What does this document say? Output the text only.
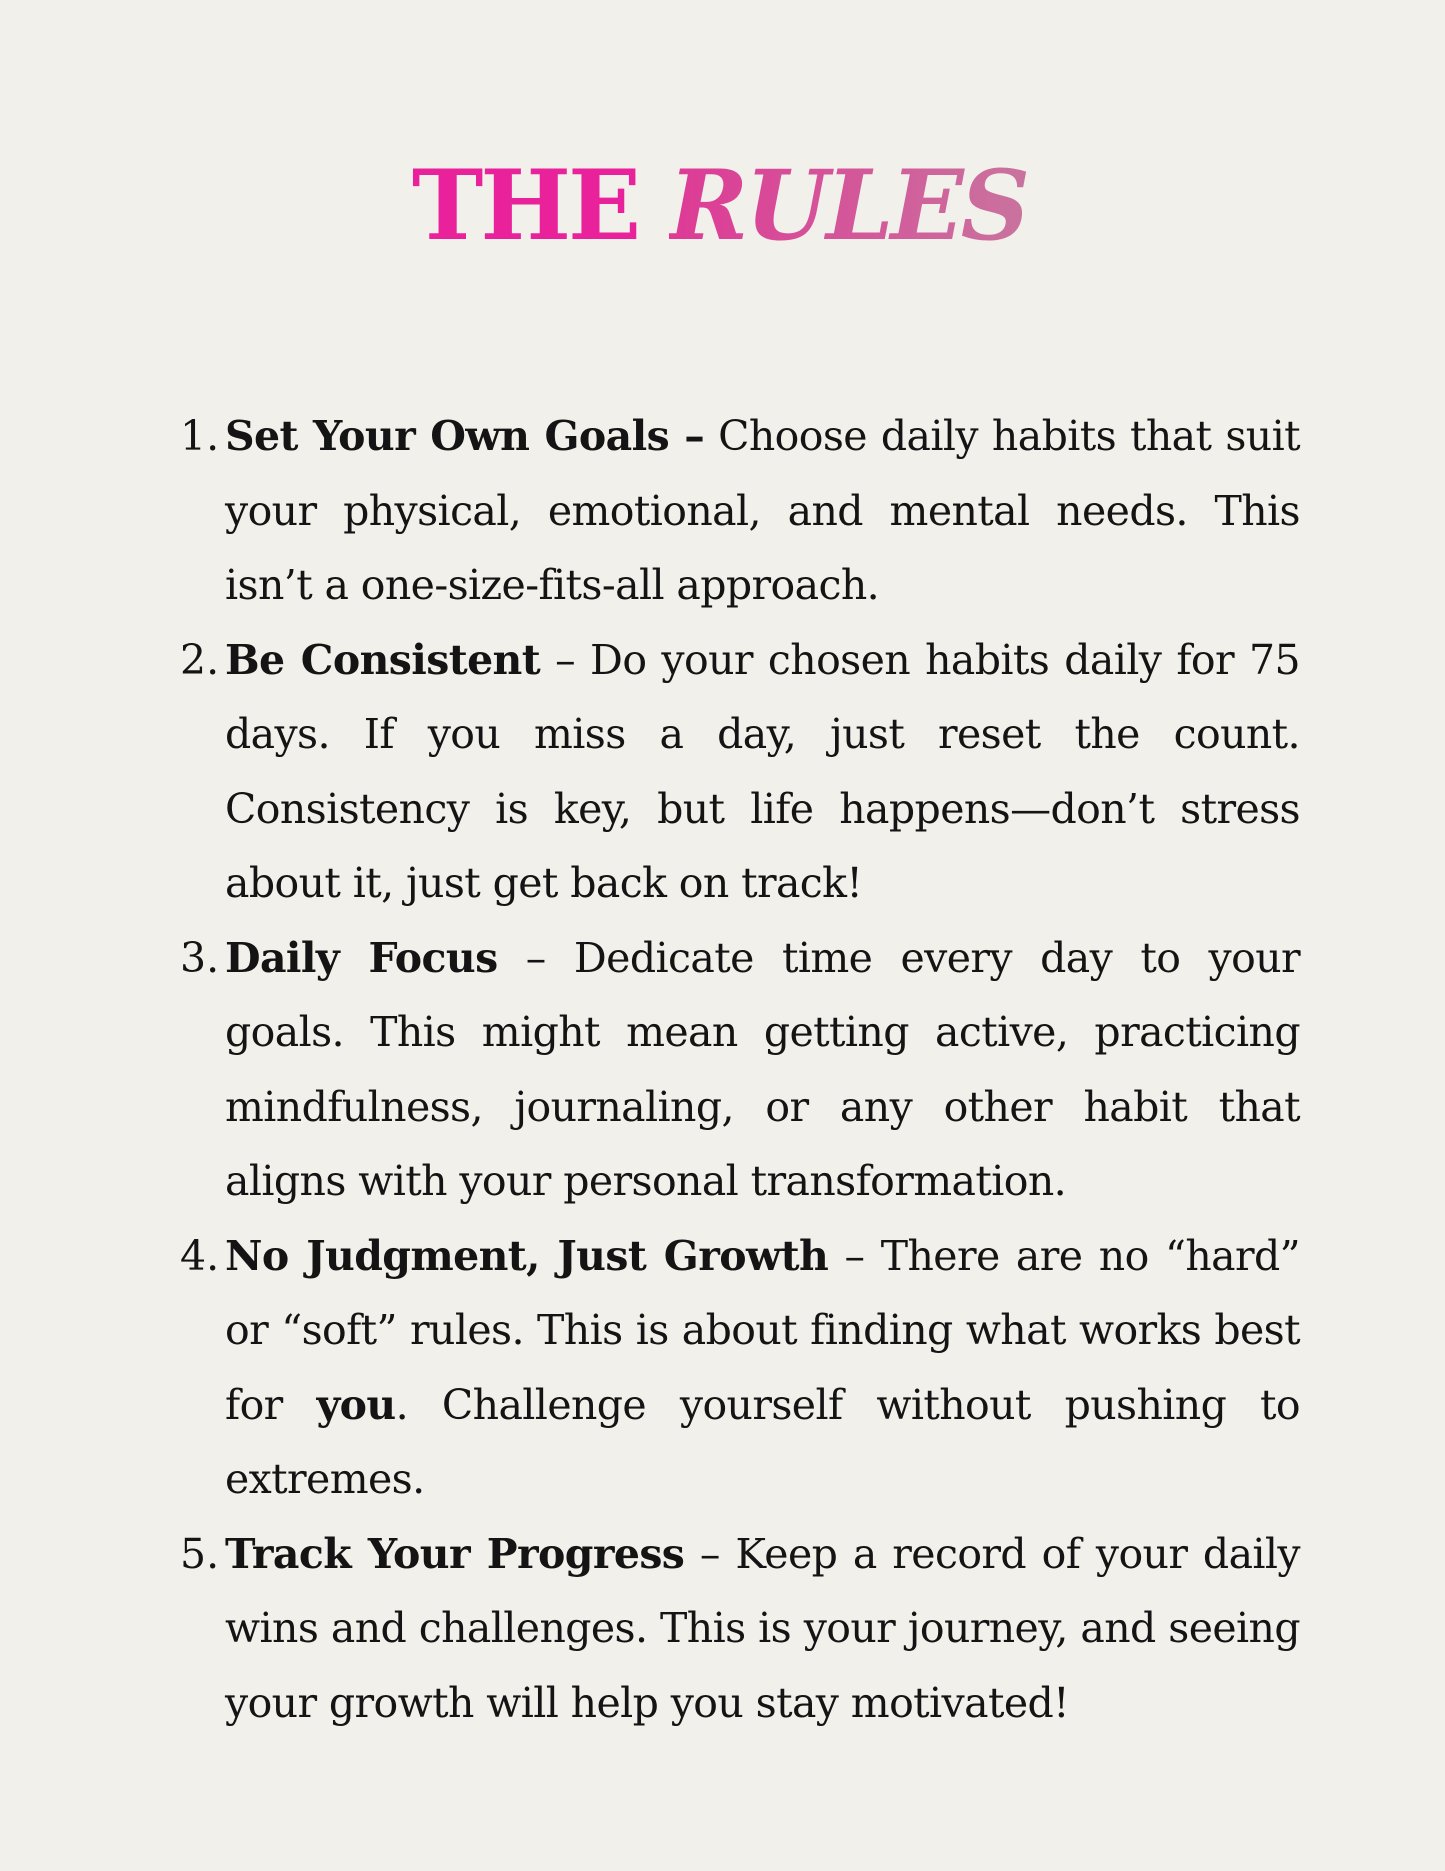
THE RULES
1. Set Your Own Goals – Choose daily habits that suit your physical, emotional, and mental needs. This isn’t a one-size-fits-all approach.
2. Be Consistent – Do your chosen habits daily for 75 days. If you miss a day, just reset the count. Consistency is key, but life happens—don’t stress about it, just get back on track!
3. Daily Focus – Dedicate time every day to your goals. This might mean getting active, practicing mindfulness, journaling, or any other habit that aligns with your personal transformation.
4. No Judgment, Just Growth – There are no “hard” or “soft” rules. This is about finding what works best for you. Challenge yourself without pushing to extremes.
5. Track Your Progress – Keep a record of your daily wins and challenges. This is your journey, and seeing your growth will help you stay motivated!
